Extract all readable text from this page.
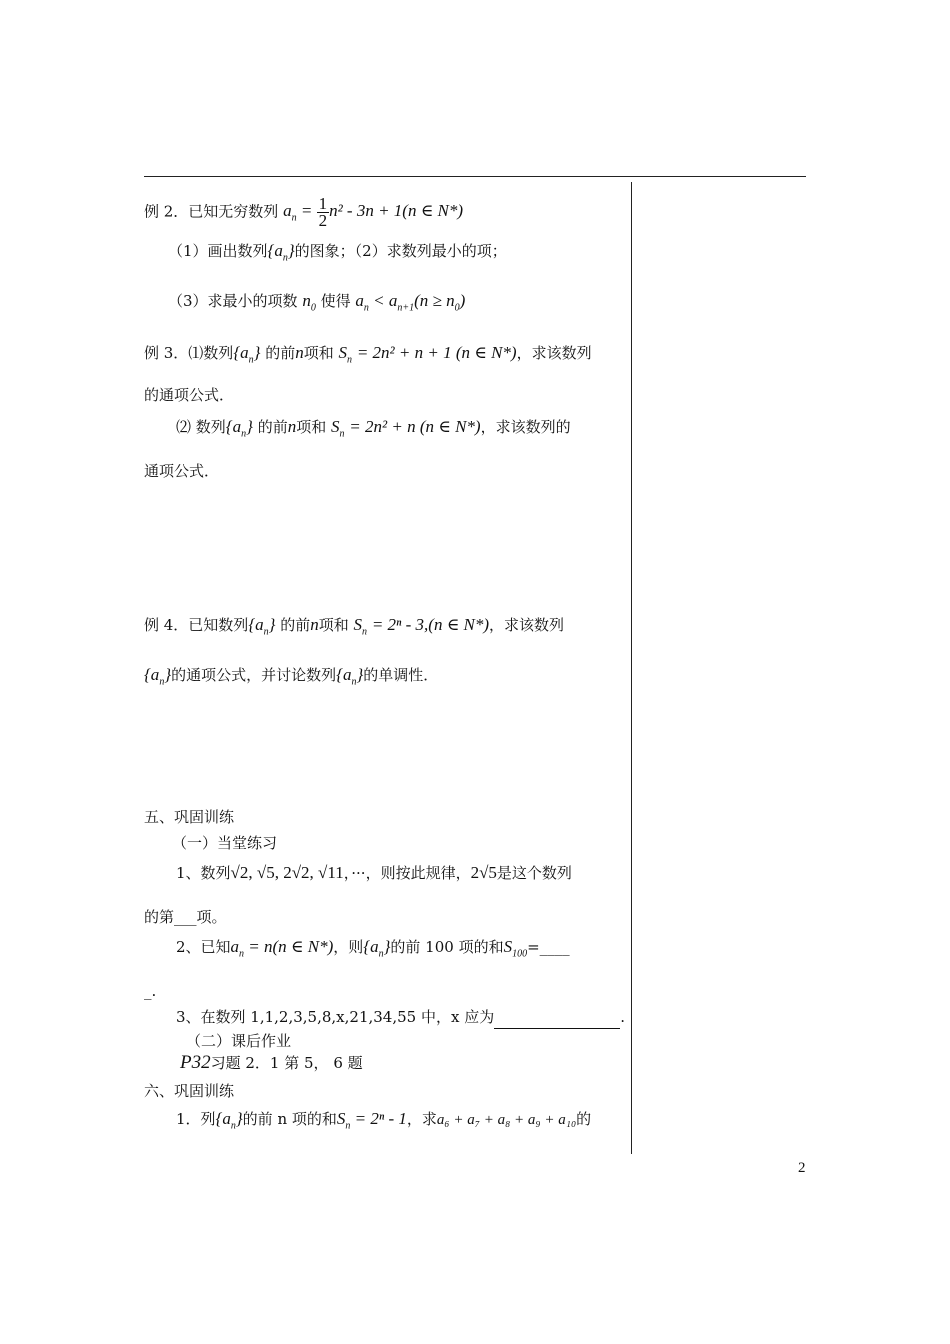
例 2．已知无穷数列 $a_n = \frac{1}{2} n^2 - 3n + 1(n$ ∈ N*)
（1）画出数列$\{a_n\}$的图象；（2）求数列最小的项；
（3）求最小的项数 $n_0$ 使得 $a_n < a_{n+1}(n \ge n_0)$
例 3．⑴数列$\{a_n\}$ 的前n项和 $S_n = 2n^2 + n + 1$ (n ∈ N*)，求该数列
的通项公式．
⑵ 数列$\{a_n\}$ 的前n项和 $S_n = 2n^2 + n$ (n ∈ N*)，求该数列的
通项公式．
例 4．已知数列$\{a_n\}$ 的前n项和 $S_n = 2^n - 3,(n$ ∈ N*)，求该数列
$\{a_n\}$的通项公式，并讨论数列$\{a_n\}$的单调性．
五、巩固训练
（一）当堂练习
1、数列√2, √5, 2√2, √11，···，则按此规律，2√5是这个数列
的第___项。
2、已知$a_n = n(n$ ∈ N*)，则$\{a_n\}$的前 100 项的和$S_{100}=\_\_\_\_$
_.
3、在数列 1,1,2,3,5,8,x,21,34,55 中，x 应为	.
（二）课后作业
P32习题 2．1 第 5， 6 题
六、巩固训练
1．列$\{a_n\}$的前 n 项的和$S_n = 2^n - 1$，求a₆ + a₇ + a₈ + a₉ + a₁₀的
2
